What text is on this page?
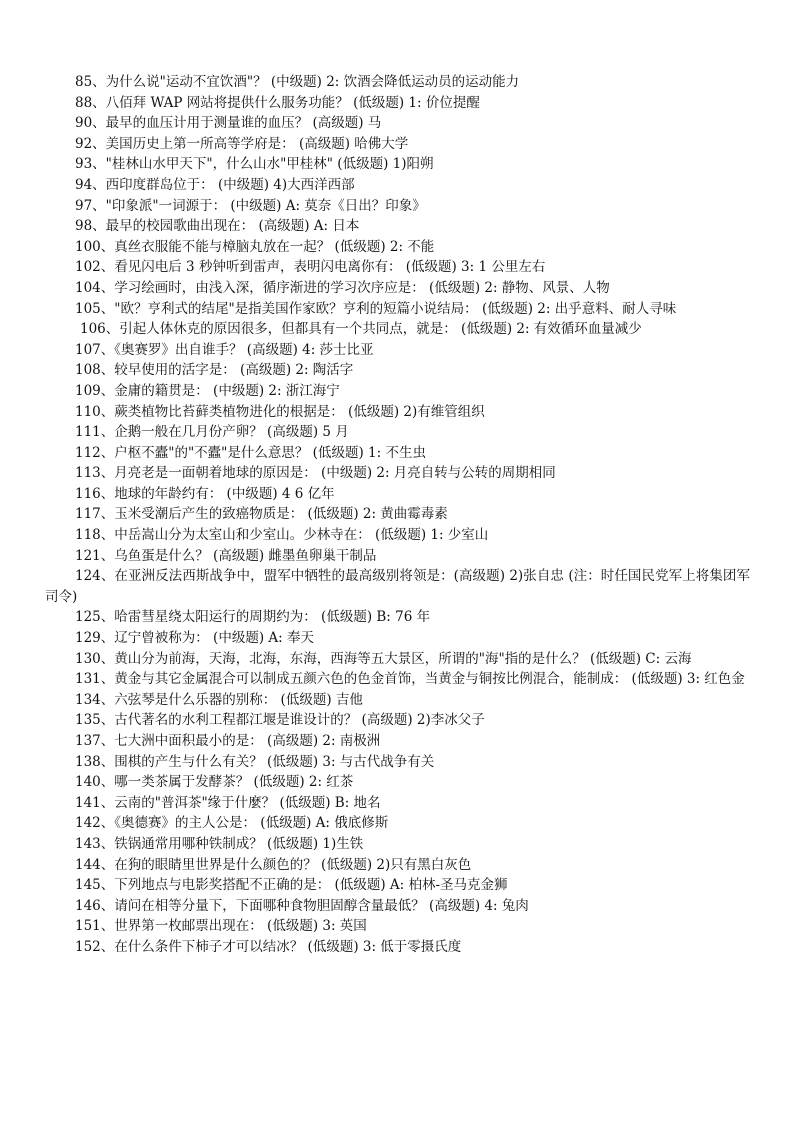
85、为什么说"运动不宜饮酒"？ (中级题) 2: 饮酒会降低运动员的运动能力

88、八佰拜 WAP 网站将提供什么服务功能？ (低级题) 1: 价位提醒

90、最早的血压计用于测量谁的血压？ (高级题) 马

92、美国历史上第一所高等学府是： (高级题) 哈佛大学

93、"桂林山水甲天下"，什么山水"甲桂林" (低级题) 1)阳朔

94、西印度群岛位于： (中级题) 4)大西洋西部

97、"印象派"一词源于： (中级题) A: 莫奈《日出？印象》

98、最早的校园歌曲出现在： (高级题) A: 日本

100、真丝衣服能不能与樟脑丸放在一起？ (低级题) 2: 不能

102、看见闪电后 3 秒钟听到雷声，表明闪电离你有： (低级题) 3: 1 公里左右

104、学习绘画时，由浅入深，循序渐进的学习次序应是： (低级题) 2: 静物、风景、人物

105、"欧？亨利式的结尾"是指美国作家欧？亨利的短篇小说结局： (低级题) 2: 出乎意料、耐人寻味

106、引起人体休克的原因很多，但都具有一个共同点，就是： (低级题) 2: 有效循环血量减少

107、《奥赛罗》出自谁手？ (高级题) 4: 莎士比亚

108、较早使用的活字是： (高级题) 2: 陶活字

109、金庸的籍贯是： (中级题) 2: 浙江海宁

110、蕨类植物比苔藓类植物进化的根据是： (低级题) 2)有维管组织

111、企鹅一般在几月份产卵？ (高级题) 5 月

112、户枢不蠹"的"不蠹"是什么意思？ (低级题) 1: 不生虫

113、月亮老是一面朝着地球的原因是： (中级题) 2: 月亮自转与公转的周期相同

116、地球的年龄约有： (中级题) 4 6 亿年

117、玉米受潮后产生的致癌物质是： (低级题) 2: 黄曲霉毒素

118、中岳嵩山分为太室山和少室山。少林寺在： (低级题) 1: 少室山

121、乌鱼蛋是什么？ (高级题) 雌墨鱼卵巢干制品

124、在亚洲反法西斯战争中，盟军中牺牲的最高级别将领是：(高级题) 2)张自忠 (注：时任国民党军上将集团军司令)

125、哈雷彗星绕太阳运行的周期约为： (低级题) B: 76 年

129、辽宁曾被称为： (中级题) A: 奉天

130、黄山分为前海，天海，北海，东海，西海等五大景区，所谓的"海"指的是什么？ (低级题) C: 云海

131、黄金与其它金属混合可以制成五颜六色的色金首饰，当黄金与铜按比例混合，能制成： (低级题) 3: 红色金

134、六弦琴是什么乐器的别称： (低级题) 吉他

135、古代著名的水利工程都江堰是谁设计的？ (高级题) 2)李冰父子

137、七大洲中面积最小的是： (高级题) 2: 南极洲

138、围棋的产生与什么有关？ (低级题) 3: 与古代战争有关

140、哪一类茶属于发酵茶？ (低级题) 2: 红茶

141、云南的"普洱茶"缘于什麼？ (低级题) B: 地名

142、《奥德赛》的主人公是： (低级题) A: 俄底修斯

143、铁锅通常用哪种铁制成？ (低级题) 1)生铁

144、在狗的眼睛里世界是什么颜色的？ (低级题) 2)只有黑白灰色

145、下列地点与电影奖搭配不正确的是： (低级题) A: 柏林-圣马克金狮

146、请问在相等分量下，下面哪种食物胆固醇含量最低？ (高级题) 4: 兔肉

151、世界第一枚邮票出现在： (低级题) 3: 英国

152、在什么条件下柿子才可以结冰？ (低级题) 3: 低于零摄氏度
